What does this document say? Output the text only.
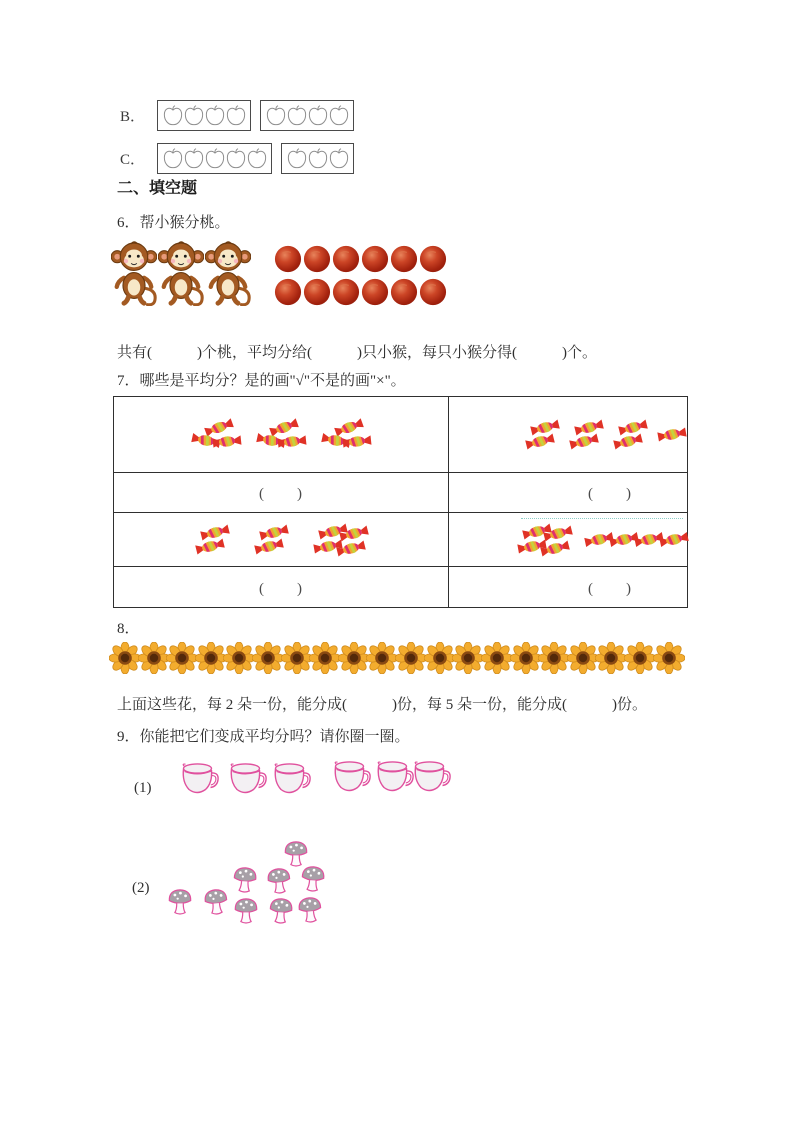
B．
C．
二、填空题
6．帮小猴分桃。
共有(　　　)个桃，平均分给(　　　)只小猴，每只小猴分得(　　　)个。
7．哪些是平均分？是的画"√"不是的画"×"。
(　　)	(　　)
(　　)	(　　)
8．
上面这些花，每 2 朵一份，能分成(　　　)份，每 5 朵一份，能分成(　　　)份。
9．你能把它们变成平均分吗？请你圈一圈。
(1)
(2)
